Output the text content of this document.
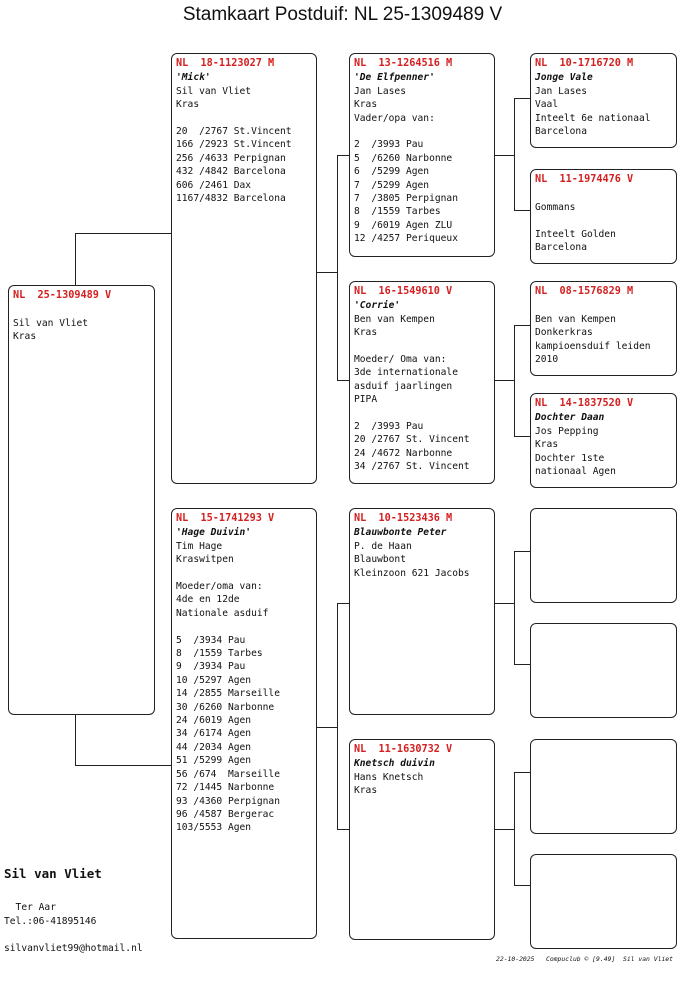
Stamkaart Postduif: NL 25-1309489 V
NL  25-1309489 V
Sil van Vliet
Kras
NL  18-1123027 M
'Mick'
Sil van Vliet
Kras
20  /2767 St.Vincent
166 /2923 St.Vincent
256 /4633 Perpignan
432 /4842 Barcelona
606 /2461 Dax
1167/4832 Barcelona
NL  15-1741293 V
'Hage Duivin'
Tim Hage
Kraswitpen
Moeder/oma van:
4de en 12de
Nationale asduif
5  /3934 Pau
8  /1559 Tarbes
9  /3934 Pau
10 /5297 Agen
14 /2855 Marseille
30 /6260 Narbonne
24 /6019 Agen
34 /6174 Agen
44 /2034 Agen
51 /5299 Agen
56 /674  Marseille
72 /1445 Narbonne
93 /4360 Perpignan
96 /4587 Bergerac
103/5553 Agen
NL  13-1264516 M
'De Elfpenner'
Jan Lases
Kras
Vader/opa van:
2  /3993 Pau
5  /6260 Narbonne
6  /5299 Agen
7  /5299 Agen
7  /3805 Perpignan
8  /1559 Tarbes
9  /6019 Agen ZLU
12 /4257 Periqueux
NL  16-1549610 V
'Corrie'
Ben van Kempen
Kras
Moeder/ Oma van:
3de internationale
asduif jaarlingen
PIPA
2  /3993 Pau
20 /2767 St. Vincent
24 /4672 Narbonne
34 /2767 St. Vincent
NL  10-1523436 M
Blauwbonte Peter
P. de Haan
Blauwbont
Kleinzoon 621 Jacobs
NL  11-1630732 V
Knetsch duivin
Hans Knetsch
Kras
NL  10-1716720 M
Jonge Vale
Jan Lases
Vaal
Inteelt 6e nationaal
Barcelona
NL  11-1974476 V
Gommans
Inteelt Golden
Barcelona
NL  08-1576829 M
Ben van Kempen
Donkerkras
kampioensduif leiden
2010
NL  14-1837520 V
Dochter Daan
Jos Pepping
Kras
Dochter 1ste
nationaal Agen
Sil van Vliet
Ter Aar
Tel.:06-41895146
silvanvliet99@hotmail.nl
22-10-2025   Compuclub © [9.49]  Sil van Vliet
